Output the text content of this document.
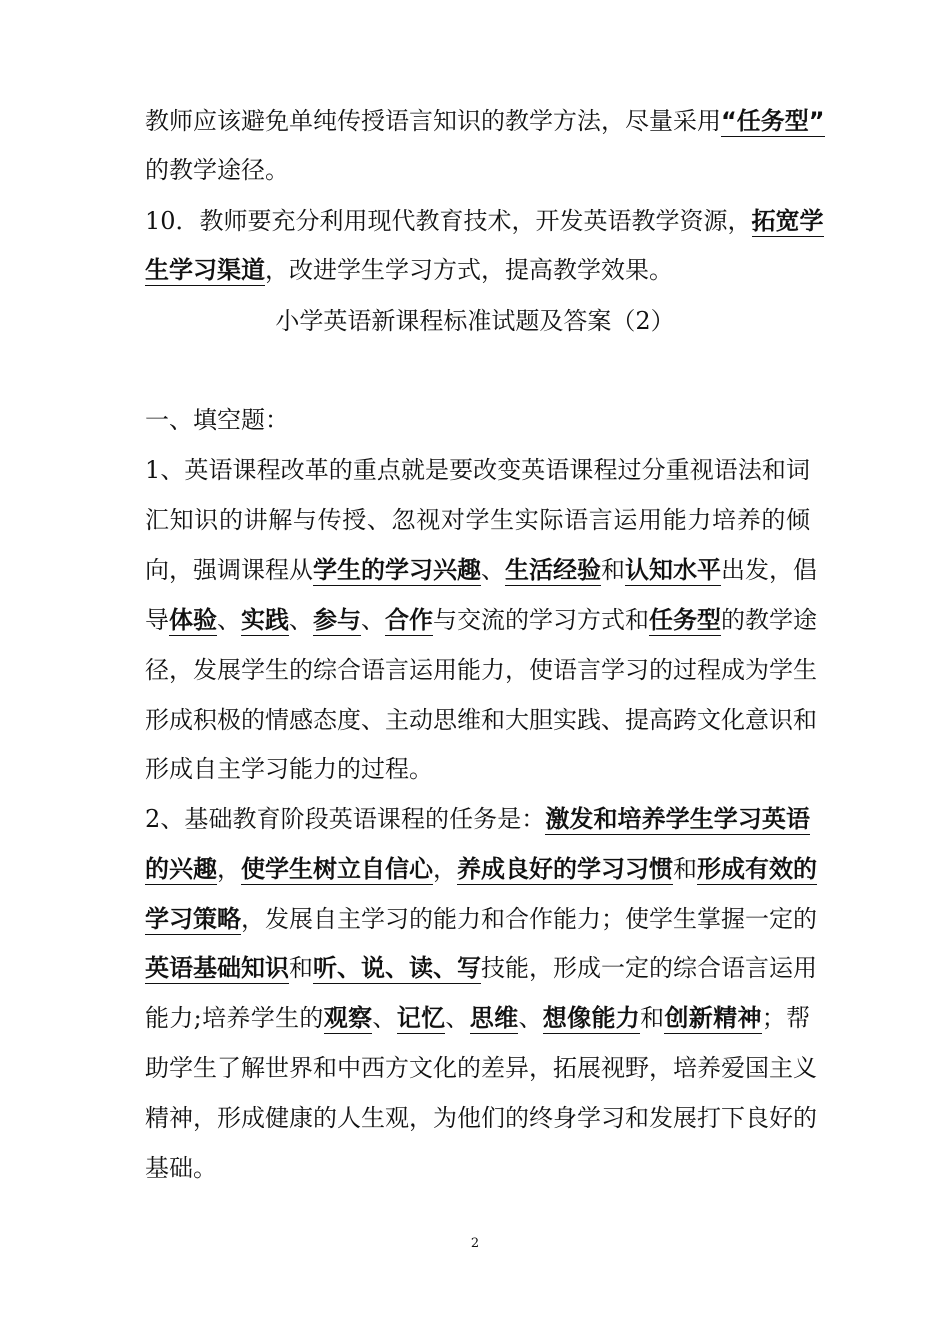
教师应该避免单纯传授语言知识的教学方法，尽量采用“任务型”
的教学途径。
10．教师要充分利用现代教育技术，开发英语教学资源，拓宽学
生学习渠道，改进学生学习方式，提高教学效果。
小学英语新课程标准试题及答案（2）
一、填空题：
1、英语课程改革的重点就是要改变英语课程过分重视语法和词
汇知识的讲解与传授、忽视对学生实际语言运用能力培养的倾
向，强调课程从学生的学习兴趣、生活经验和认知水平出发，倡
导体验、实践、参与、合作与交流的学习方式和任务型的教学途
径，发展学生的综合语言运用能力，使语言学习的过程成为学生
形成积极的情感态度、主动思维和大胆实践、提高跨文化意识和
形成自主学习能力的过程。
2、基础教育阶段英语课程的任务是：激发和培养学生学习英语
的兴趣，使学生树立自信心，养成良好的学习习惯和形成有效的
学习策略，发展自主学习的能力和合作能力；使学生掌握一定的
英语基础知识和听、说、读、写技能，形成一定的综合语言运用
能力;培养学生的观察、记忆、思维、想像能力和创新精神；帮
助学生了解世界和中西方文化的差异，拓展视野，培养爱国主义
精神，形成健康的人生观，为他们的终身学习和发展打下良好的
基础。
2
